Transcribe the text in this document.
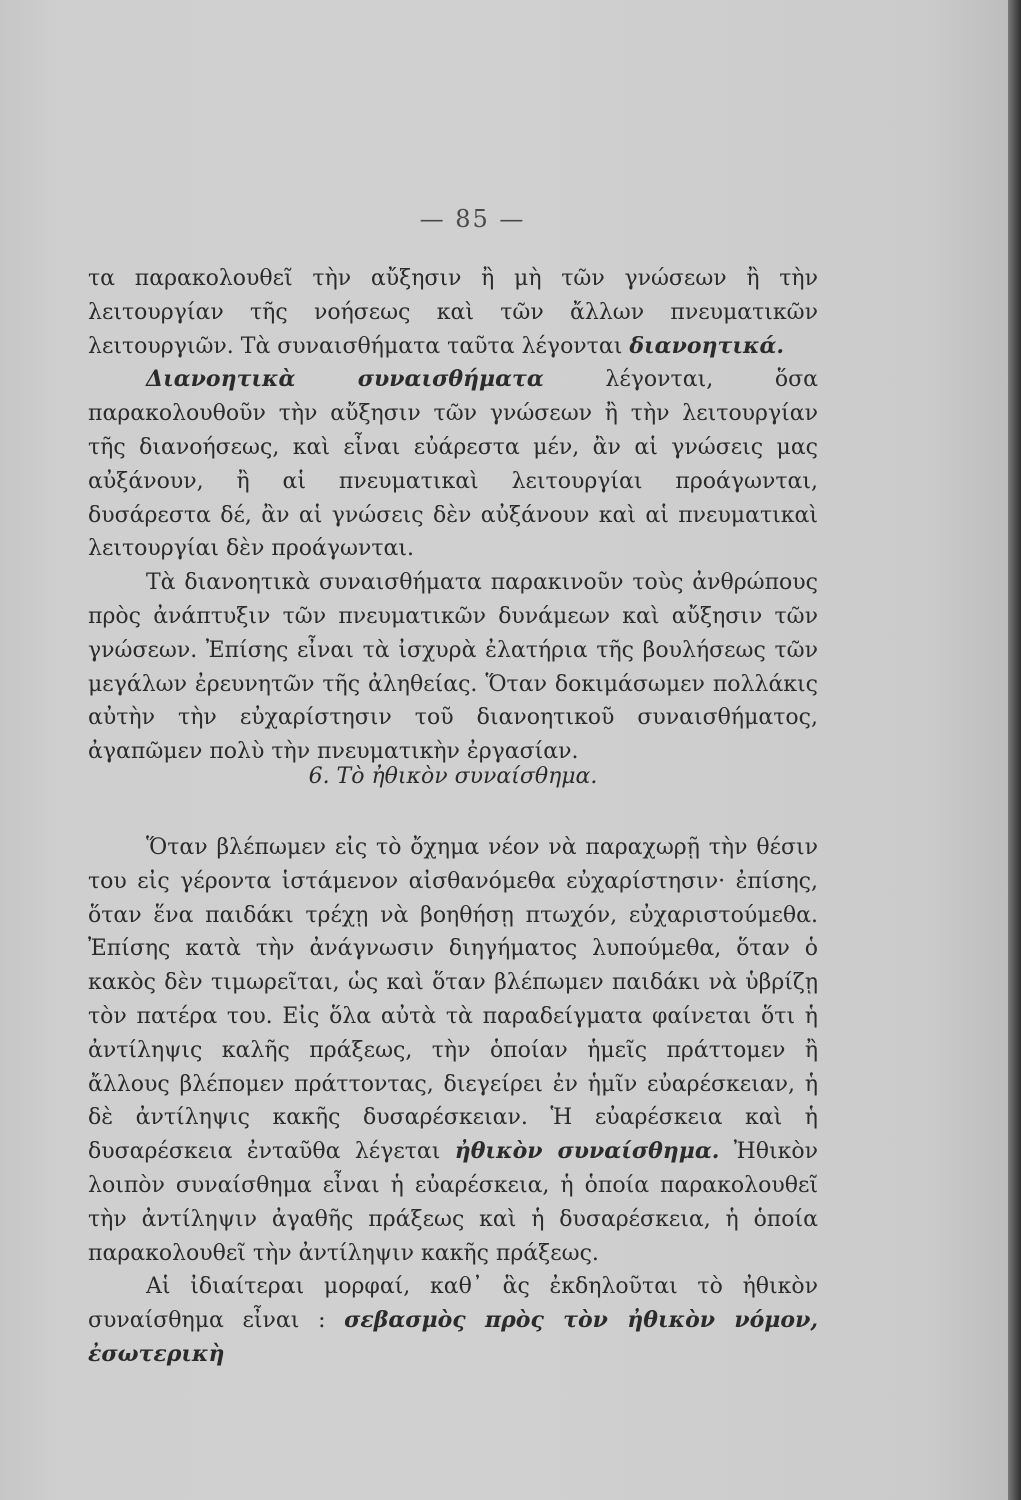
— 85 —

τα παρακολουθεῖ τὴν αὔξησιν ἢ μὴ τῶν γνώσεων ἢ τὴν λειτουργίαν τῆς νοήσεως καὶ τῶν ἄλλων πνευματικῶν λειτουργιῶν. Τὰ συναισθήματα ταῦτα λέγονται διανοητικά.

Διανοητικὰ συναισθήματα λέγονται, ὅσα παρακολουθοῦν τὴν αὔξησιν τῶν γνώσεων ἢ τὴν λειτουργίαν τῆς διανοήσεως, καὶ εἶναι εὐάρεστα μέν, ἂν αἱ γνώσεις μας αὐξάνουν, ἢ αἱ πνευματικαὶ λειτουργίαι προάγωνται, δυσάρεστα δέ, ἂν αἱ γνώσεις δὲν αὐξάνουν καὶ αἱ πνευματικαὶ λειτουργίαι δὲν προάγωνται.

Τὰ διανοητικὰ συναισθήματα παρακινοῦν τοὺς ἀνθρώπους πρὸς ἀνάπτυξιν τῶν πνευματικῶν δυνάμεων καὶ αὔξησιν τῶν γνώσεων. Ἐπίσης εἶναι τὰ ἰσχυρὰ ἐλατήρια τῆς βουλήσεως τῶν μεγάλων ἐρευνητῶν τῆς ἀληθείας. Ὅταν δοκιμάσωμεν πολλάκις αὐτὴν τὴν εὐχαρίστησιν τοῦ διανοητικοῦ συναισθήματος, ἀγαπῶμεν πολὺ τὴν πνευματικὴν ἐργασίαν.

6. Τὸ ἠθικὸν συναίσθημα.

Ὅταν βλέπωμεν εἰς τὸ ὄχημα νέον νὰ παραχωρῇ τὴν θέσιν του εἰς γέροντα ἱστάμενον αἰσθανόμεθα εὐχαρίστησιν· ἐπίσης, ὅταν ἕνα παιδάκι τρέχῃ νὰ βοηθήσῃ πτωχόν, εὐχαριστούμεθα. Ἐπίσης κατὰ τὴν ἀνάγνωσιν διηγήματος λυπούμεθα, ὅταν ὁ κακὸς δὲν τιμωρεῖται, ὡς καὶ ὅταν βλέπωμεν παιδάκι νὰ ὑβρίζῃ τὸν πατέρα του. Εἰς ὅλα αὐτὰ τὰ παραδείγματα φαίνεται ὅτι ἡ ἀντίληψις καλῆς πράξεως, τὴν ὁποίαν ἡμεῖς πράττομεν ἢ ἄλλους βλέπομεν πράττοντας, διεγείρει ἐν ἡμῖν εὐαρέσκειαν, ἡ δὲ ἀντίληψις κακῆς δυσαρέσκειαν. Ἡ εὐαρέσκεια καὶ ἡ δυσαρέσκεια ἐνταῦθα λέγεται ἠθικὸν συναίσθημα. Ἠθικὸν λοιπὸν συναίσθημα εἶναι ἡ εὐαρέσκεια, ἡ ὁποία παρακολουθεῖ τὴν ἀντίληψιν ἀγαθῆς πράξεως καὶ ἡ δυσαρέσκεια, ἡ ὁποία παρακολουθεῖ τὴν ἀντίληψιν κακῆς πράξεως.

Αἱ ἰδιαίτεραι μορφαί, καθ᾽ ἃς ἐκδηλοῦται τὸ ἠθικὸν συναίσθημα εἶναι : σεβασμὸς πρὸς τὸν ἠθικὸν νόμον, ἐσωτερικὴ
